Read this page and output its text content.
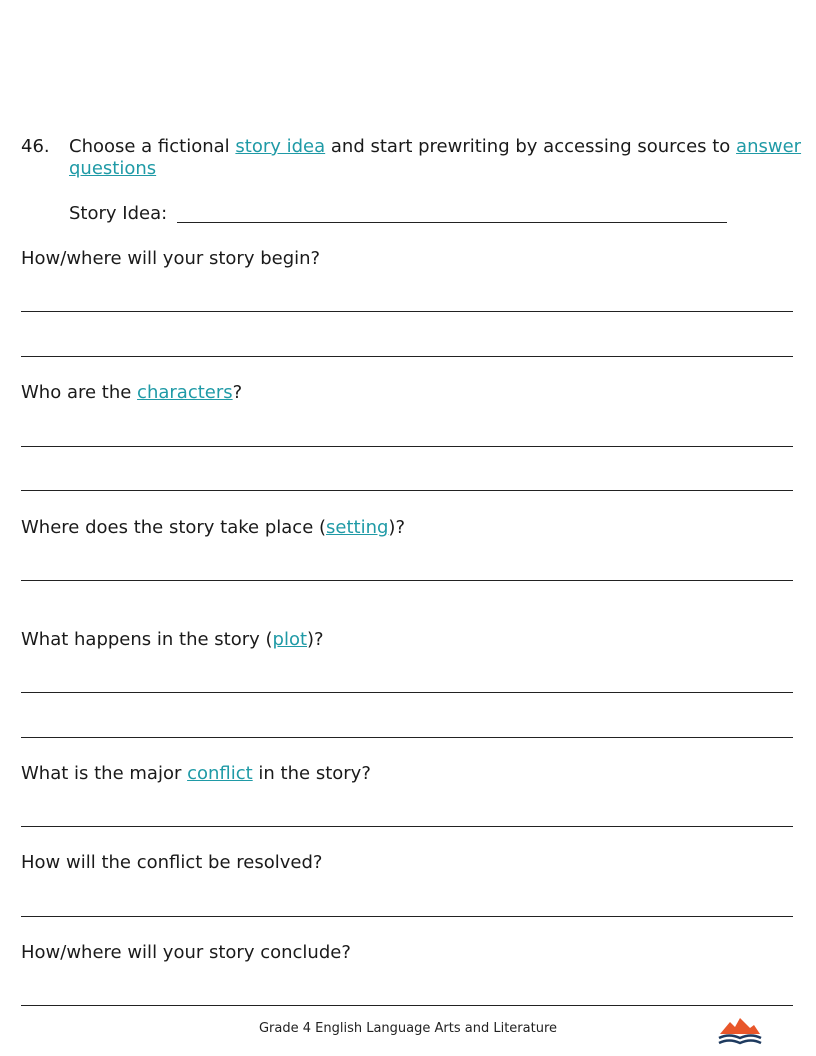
46. Choose a fictional story idea and start prewriting by accessing sources to answer
questions
Story Idea:
How/where will your story begin?
Who are the characters?
Where does the story take place (setting)?
What happens in the story (plot)?
What is the major conflict in the story?
How will the conflict be resolved?
How/where will your story conclude?
Grade 4 English Language Arts and Literature
